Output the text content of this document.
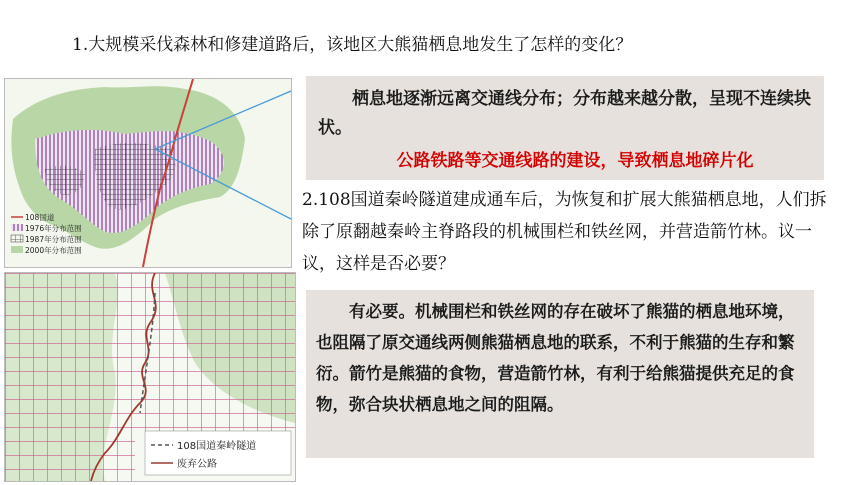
1.大规模采伐森林和修建道路后，该地区大熊猫栖息地发生了怎样的变化？
108国道
1976年分布范围
1987年分布范围
2000年分布范围
108国道秦岭隧道
废弃公路
栖息地逐渐远离交通线分布；分布越来越分散，呈现不连续块状。
公路铁路等交通线路的建设，导致栖息地碎片化
2.108国道秦岭隧道建成通车后，为恢复和扩展大熊猫栖息地，人们拆除了原翻越秦岭主脊路段的机械围栏和铁丝网，并营造箭竹林。议一议，这样是否必要？
有必要。机械围栏和铁丝网的存在破坏了熊猫的栖息地环境，也阻隔了原交通线两侧熊猫栖息地的联系，不利于熊猫的生存和繁衍。箭竹是熊猫的食物，营造箭竹林，有利于给熊猫提供充足的食物，弥合块状栖息地之间的阻隔。
